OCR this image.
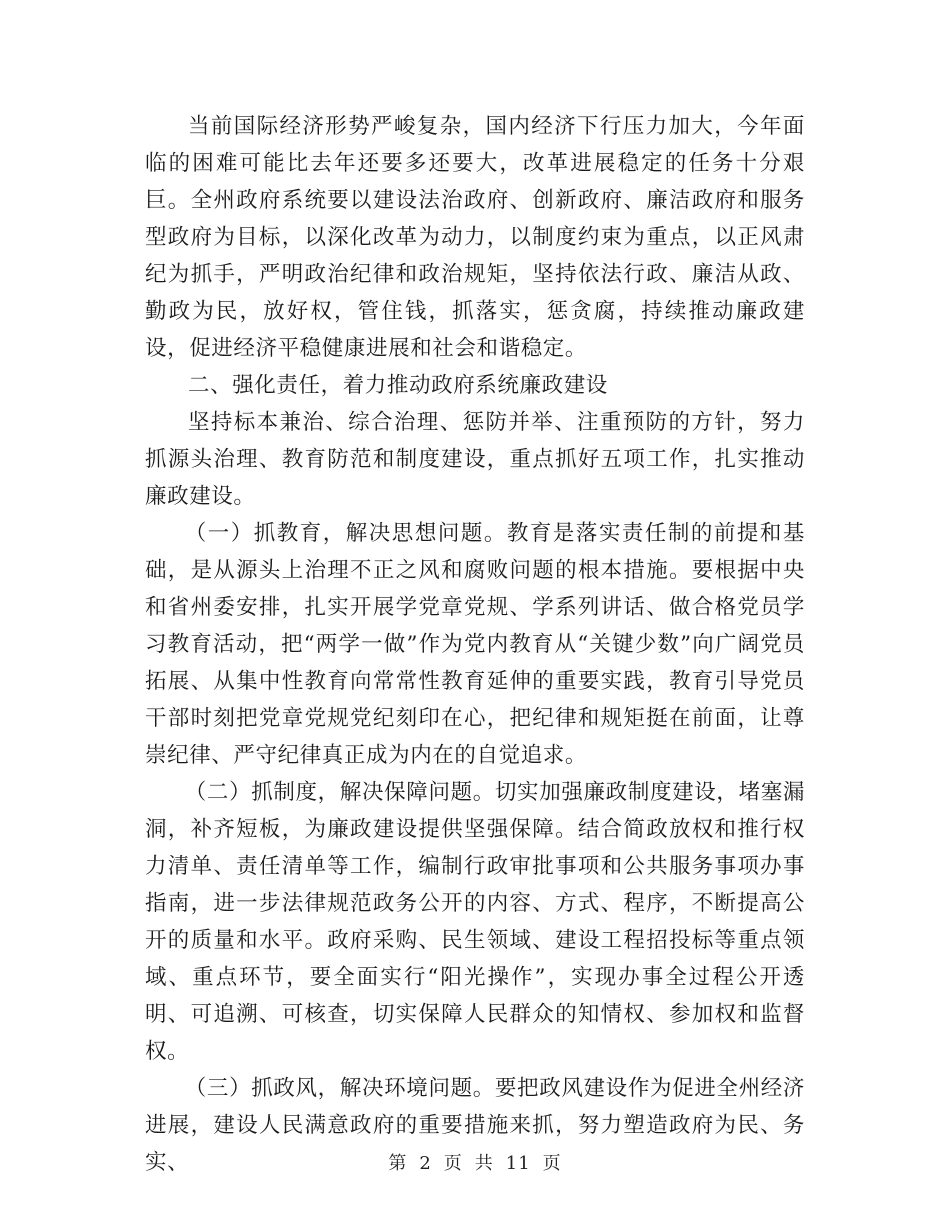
当前国际经济形势严峻复杂，国内经济下行压力加大，今年面临的困难可能比去年还要多还要大，改革进展稳定的任务十分艰巨。全州政府系统要以建设法治政府、创新政府、廉洁政府和服务型政府为目标，以深化改革为动力，以制度约束为重点，以正风肃纪为抓手，严明政治纪律和政治规矩，坚持依法行政、廉洁从政、勤政为民，放好权，管住钱，抓落实，惩贪腐，持续推动廉政建设，促进经济平稳健康进展和社会和谐稳定。

二、强化责任，着力推动政府系统廉政建设

坚持标本兼治、综合治理、惩防并举、注重预防的方针，努力抓源头治理、教育防范和制度建设，重点抓好五项工作，扎实推动廉政建设。

（一）抓教育，解决思想问题。教育是落实责任制的前提和基础，是从源头上治理不正之风和腐败问题的根本措施。要根据中央和省州委安排，扎实开展学党章党规、学系列讲话、做合格党员学习教育活动，把“两学一做”作为党内教育从“关键少数”向广阔党员拓展、从集中性教育向常常性教育延伸的重要实践，教育引导党员干部时刻把党章党规党纪刻印在心，把纪律和规矩挺在前面，让尊崇纪律、严守纪律真正成为内在的自觉追求。

（二）抓制度，解决保障问题。切实加强廉政制度建设，堵塞漏洞，补齐短板，为廉政建设提供坚强保障。结合简政放权和推行权力清单、责任清单等工作，编制行政审批事项和公共服务事项办事指南，进一步法律规范政务公开的内容、方式、程序，不断提高公开的质量和水平。政府采购、民生领域、建设工程招投标等重点领域、重点环节，要全面实行“阳光操作”，实现办事全过程公开透明、可追溯、可核查，切实保障人民群众的知情权、参加权和监督权。

（三）抓政风，解决环境问题。要把政风建设作为促进全州经济进展，建设人民满意政府的重要措施来抓，努力塑造政府为民、务实、	第 2 页 共 11 页
